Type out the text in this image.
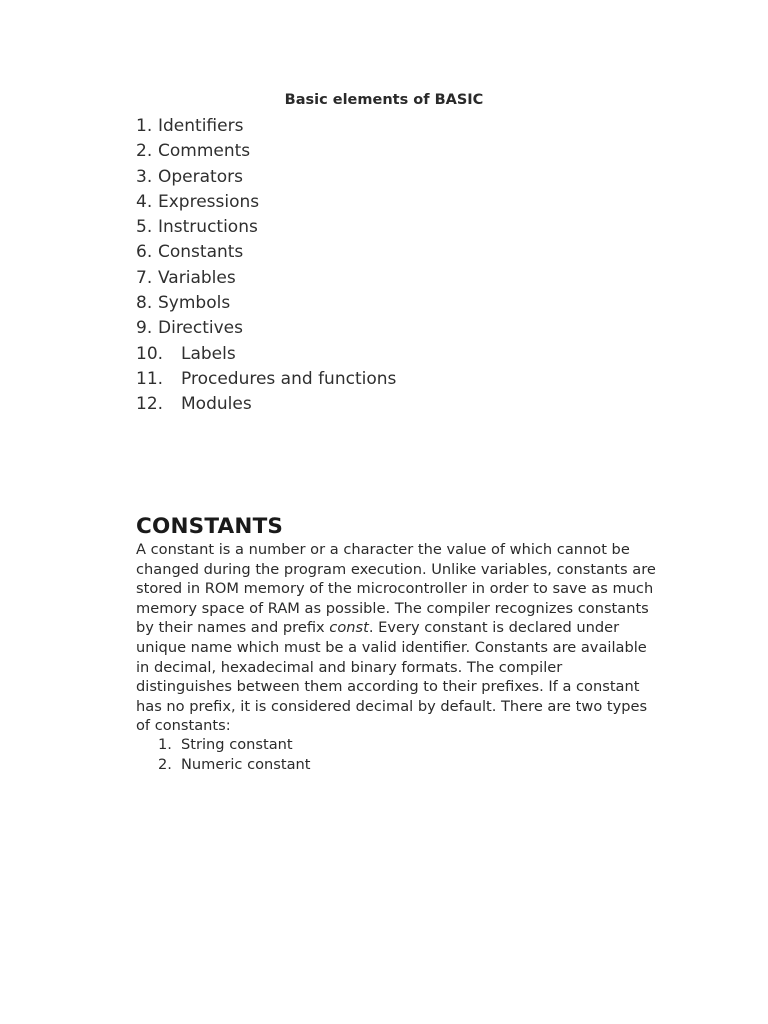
Basic elements of BASIC
1. Identifiers
2. Comments
3. Operators
4. Expressions
5. Instructions
6. Constants
7. Variables
8. Symbols
9. Directives
10. Labels
11. Procedures and functions
12. Modules
CONSTANTS

A constant is a number or a character the value of which cannot be
changed during the program execution. Unlike variables, constants are
stored in ROM memory of the microcontroller in order to save as much
memory space of RAM as possible. The compiler recognizes constants
by their names and prefix const. Every constant is declared under
unique name which must be a valid identifier. Constants are available
in decimal, hexadecimal and binary formats. The compiler
distinguishes between them according to their prefixes. If a constant
has no prefix, it is considered decimal by default. There are two types
of constants:

1. String constant
2. Numeric constant
